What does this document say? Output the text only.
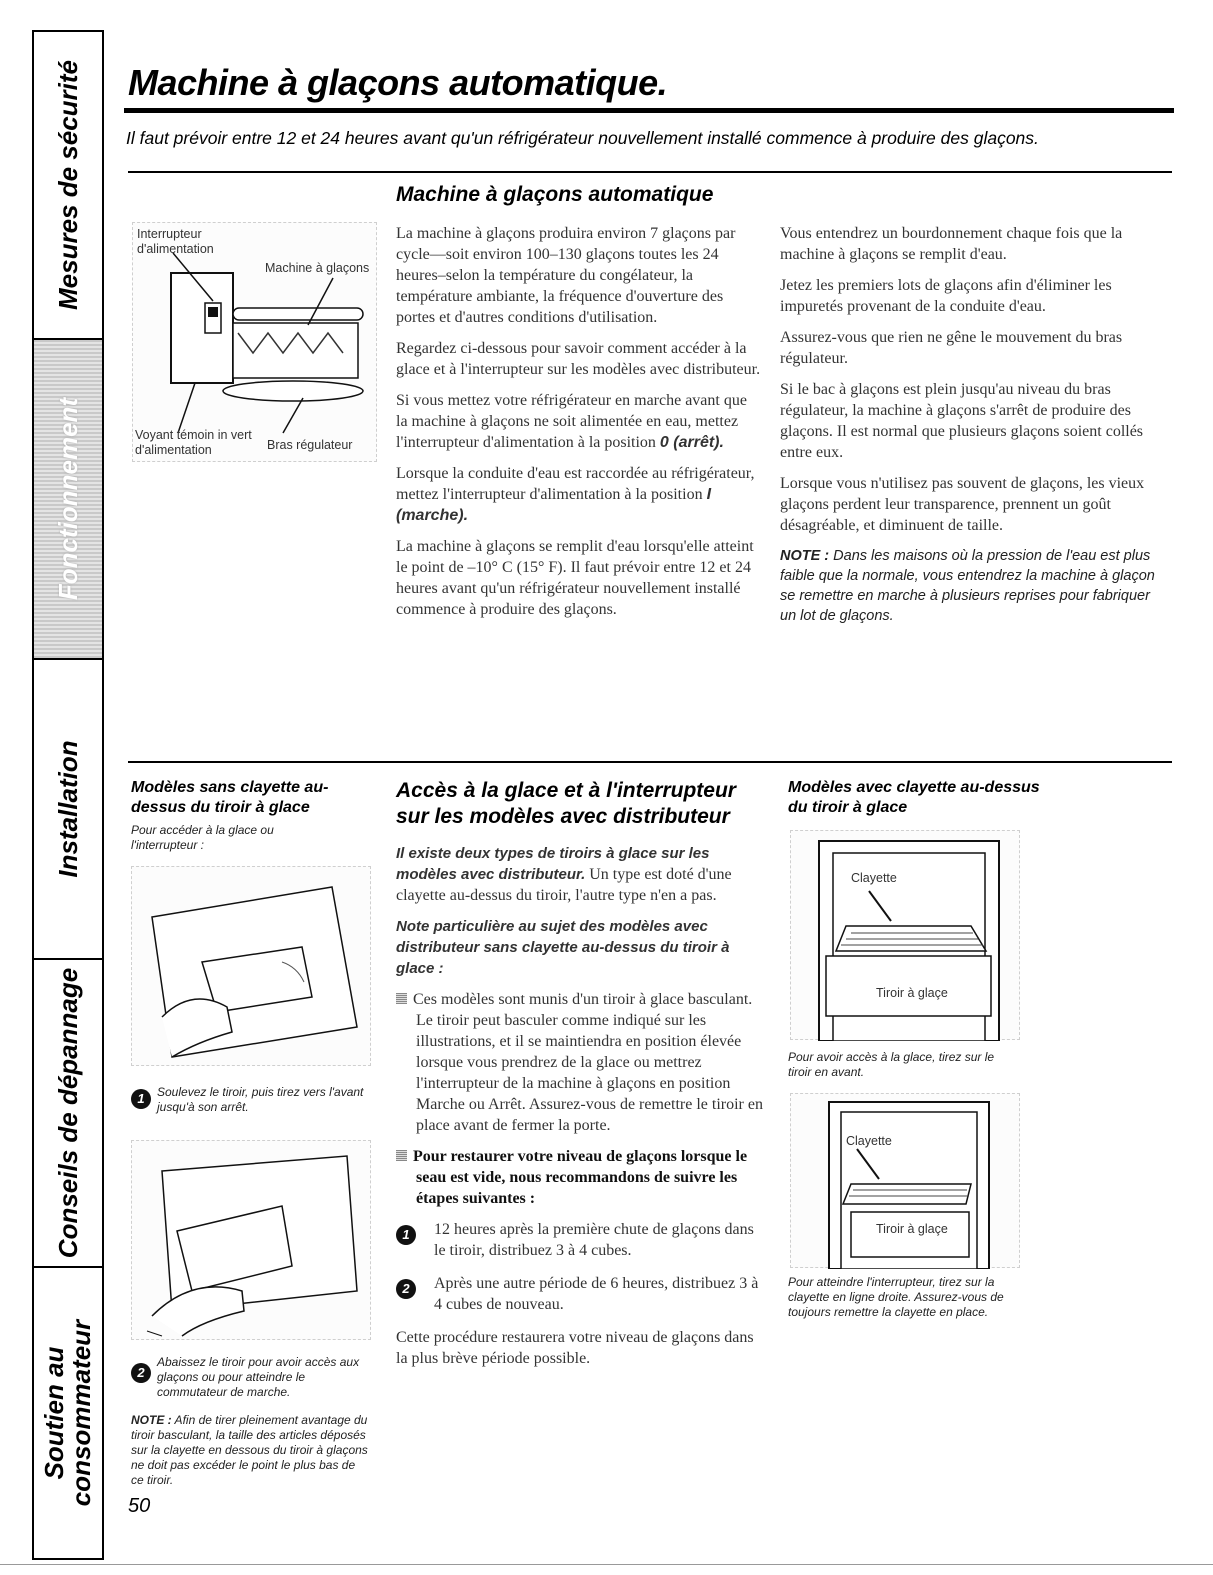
Mesures de sécurité
Fonctionnement
Installation
Conseils de dépannage
Soutien au consommateur
Machine à glaçons automatique.
Il faut prévoir entre 12 et 24 heures avant qu'un réfrigérateur nouvellement installé commence à produire des glaçons.
Machine à glaçons automatique
Interrupteur d'alimentation
Machine à glaçons
Voyant témoin in vert d'alimentation	Bras régulateur

La machine à glaçons produira environ 7 glaçons par cycle—soit environ 100–130 glaçons toutes les 24 heures–selon la température du congélateur, la température ambiante, la fréquence d'ouverture des portes et d'autres conditions d'utilisation.

Regardez ci-dessous pour savoir comment accéder à la glace et à l'interrupteur sur les modèles avec distributeur.

Si vous mettez votre réfrigérateur en marche avant que la machine à glaçons ne soit alimentée en eau, mettez l'interrupteur d'alimentation à la position 0 (arrêt).

Lorsque la conduite d'eau est raccordée au réfrigérateur, mettez l'interrupteur d'alimentation à la position I (marche).

La machine à glaçons se remplit d'eau lorsqu'elle atteint le point de –10° C (15° F). Il faut prévoir entre 12 et 24 heures avant qu'un réfrigérateur nouvellement installé commence à produire des glaçons.

Vous entendrez un bourdonnement chaque fois que la machine à glaçons se remplit d'eau.

Jetez les premiers lots de glaçons afin d'éliminer les impuretés provenant de la conduite d'eau.

Assurez-vous que rien ne gêne le mouvement du bras régulateur.

Si le bac à glaçons est plein jusqu'au niveau du bras régulateur, la machine à glaçons s'arrêt de produire des glaçons. Il est normal que plusieurs glaçons soient collés entre eux.

Lorsque vous n'utilisez pas souvent de glaçons, les vieux glaçons perdent leur transparence, prennent un goût désagréable, et diminuent de taille.

NOTE : Dans les maisons où la pression de l'eau est plus faible que la normale, vous entendrez la machine à glaçon se remettre en marche à plusieurs reprises pour fabriquer un lot de glaçons.

Modèles sans clayette au-dessus du tiroir à glace
Pour accéder à la glace ou l'interrupteur :
1	Soulevez le tiroir, puis tirez vers l'avant jusqu'à son arrêt.
2
Abaissez le tiroir pour avoir accès aux glaçons ou pour atteindre le commutateur de marche.
NOTE : Afin de tirer pleinement avantage du tiroir basculant, la taille des articles déposés sur la clayette en dessous du tiroir à glaçons ne doit pas excéder le point le plus bas de ce tiroir.
50
Accès à la glace et à l'interrupteur sur les modèles avec distributeur

Il existe deux types de tiroirs à glace sur les modèles avec distributeur. Un type est doté d'une clayette au-dessus du tiroir, l'autre type n'en a pas.

Note particulière au sujet des modèles avec distributeur sans clayette au-dessus du tiroir à glace :

Ces modèles sont munis d'un tiroir à glace basculant. Le tiroir peut basculer comme indiqué sur les illustrations, et il se maintiendra en position élevée lorsque vous prendrez de la glace ou mettrez l'interrupteur de la machine à glaçons en position Marche ou Arrêt. Assurez-vous de remettre le tiroir en place avant de fermer la porte.

Pour restaurer votre niveau de glaçons lorsque le seau est vide, nous recommandons de suivre les étapes suivantes :

1	12 heures après la première chute de glaçons dans le tiroir, distribuez 3 à 4 cubes.
2	Après une autre période de 6 heures, distribuez 3 à 4 cubes de nouveau.

Cette procédure restaurera votre niveau de glaçons dans la plus brève période possible.

Modèles avec clayette au-dessus du tiroir à glace
Clayette
Tiroir à glaçe
Pour avoir accès à la glace, tirez sur le tiroir en avant.
Clayette
Tiroir à glaçe
Pour atteindre l'interrupteur, tirez sur la clayette en ligne droite. Assurez-vous de toujours remettre la clayette en place.
